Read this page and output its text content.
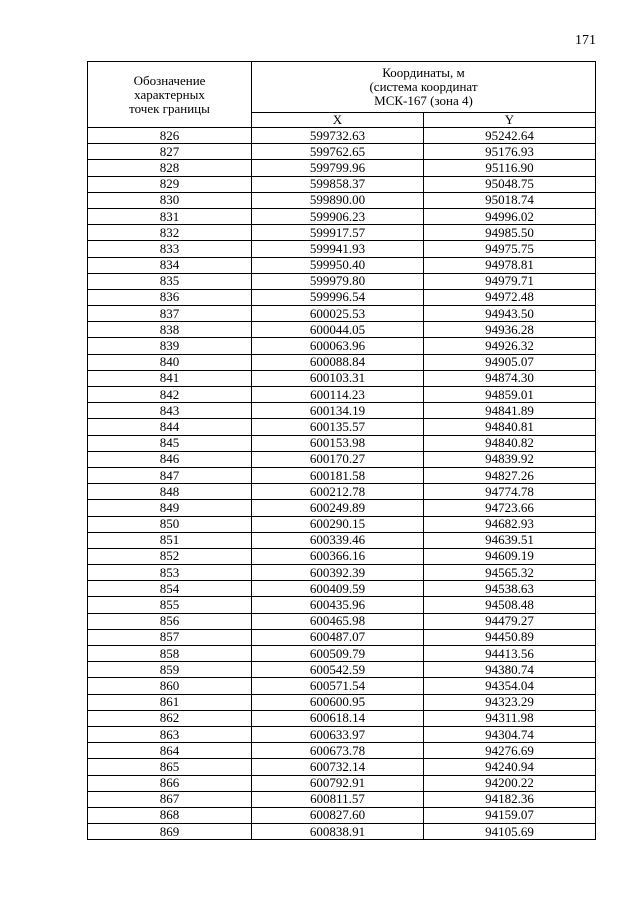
171
Обозначение
характерных
точек границы	Координаты, м
(система координат
МСК-167 (зона 4)	

	X	Y
826	599732.63	95242.64
827	599762.65	95176.93
828	599799.96	95116.90
829	599858.37	95048.75
830	599890.00	95018.74
831	599906.23	94996.02
832	599917.57	94985.50
833	599941.93	94975.75
834	599950.40	94978.81
835	599979.80	94979.71
836	599996.54	94972.48
837	600025.53	94943.50
838	600044.05	94936.28
839	600063.96	94926.32
840	600088.84	94905.07
841	600103.31	94874.30
842	600114.23	94859.01
843	600134.19	94841.89
844	600135.57	94840.81
845	600153.98	94840.82
846	600170.27	94839.92
847	600181.58	94827.26
848	600212.78	94774.78
849	600249.89	94723.66
850	600290.15	94682.93
851	600339.46	94639.51
852	600366.16	94609.19
853	600392.39	94565.32
854	600409.59	94538.63
855	600435.96	94508.48
856	600465.98	94479.27
857	600487.07	94450.89
858	600509.79	94413.56
859	600542.59	94380.74
860	600571.54	94354.04
861	600600.95	94323.29
862	600618.14	94311.98
863	600633.97	94304.74
864	600673.78	94276.69
865	600732.14	94240.94
866	600792.91	94200.22
867	600811.57	94182.36
868	600827.60	94159.07
869	600838.91	94105.69
